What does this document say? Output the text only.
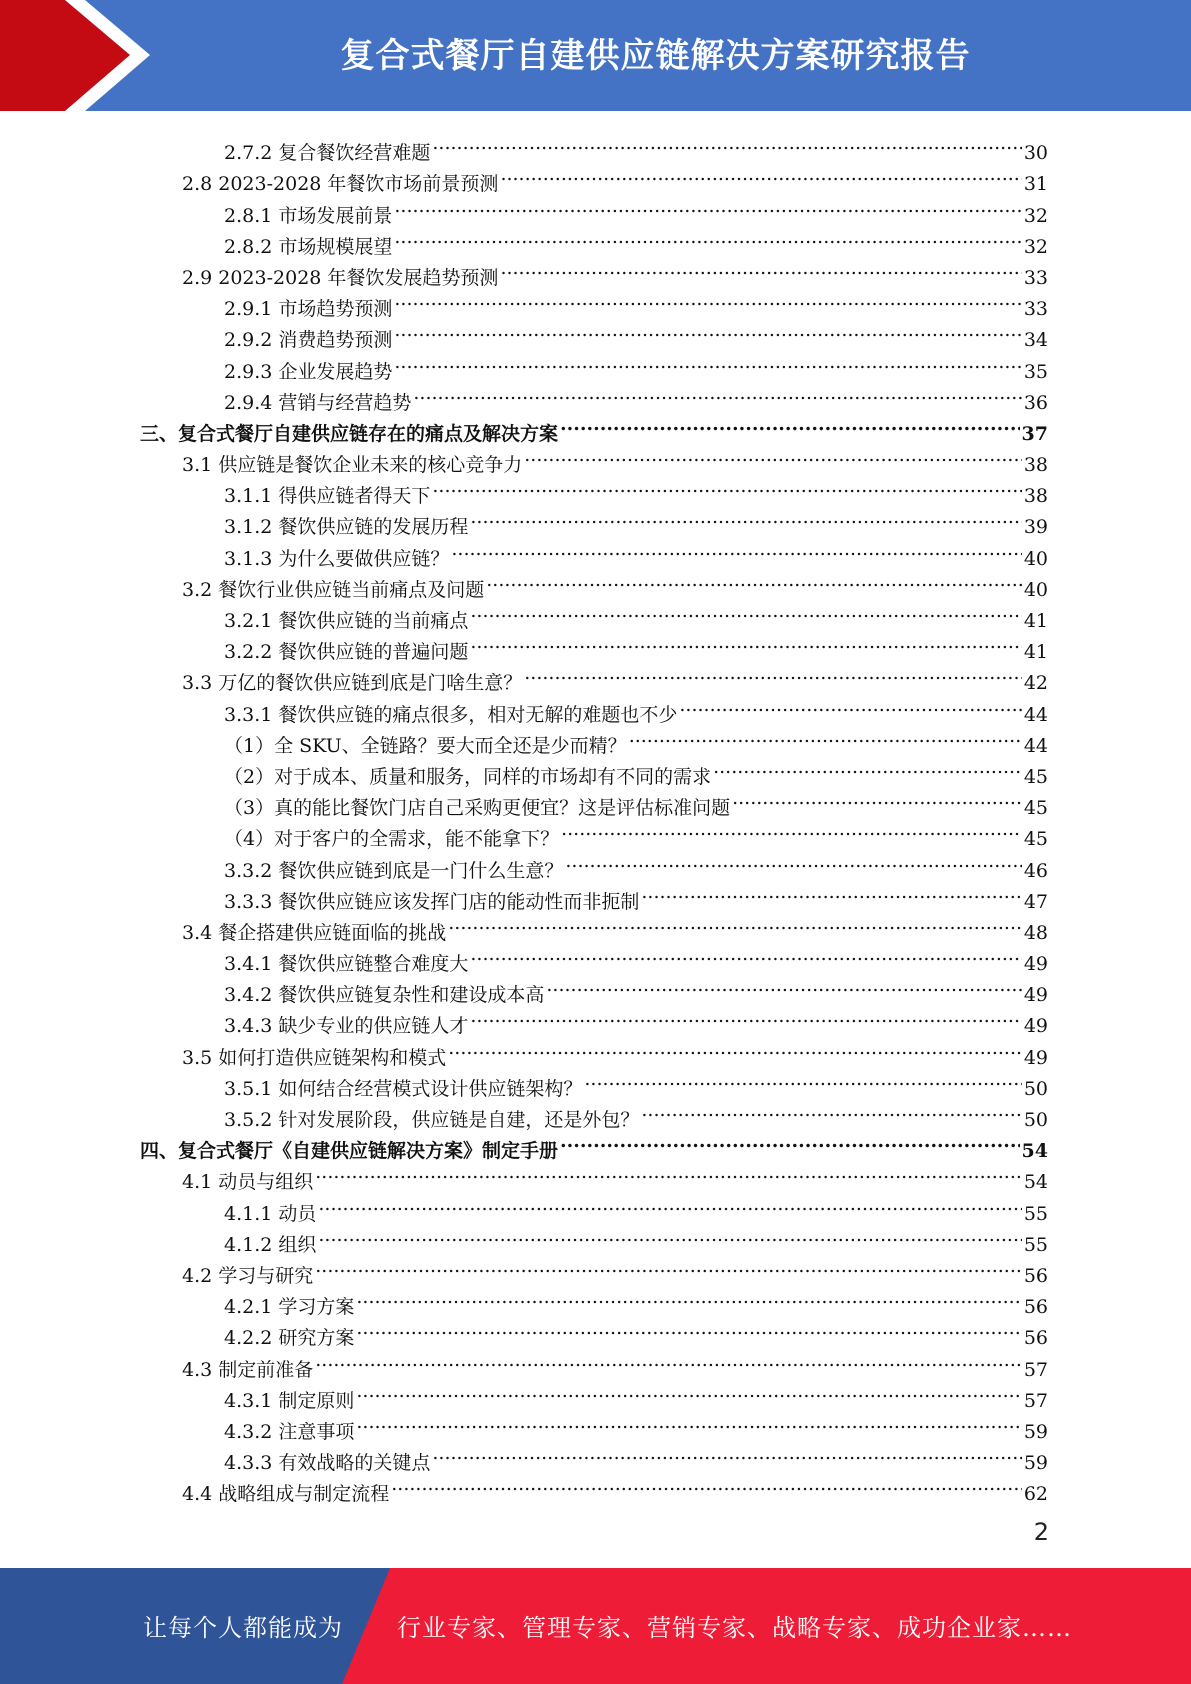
复合式餐厅自建供应链解决方案研究报告
2.7.2 复合餐饮经营难题 .....	30
2.8 2023-2028 年餐饮市场前景预测 .....	31
2.8.1 市场发展前景 .....	32
2.8.2 市场规模展望 .....	32
2.9 2023-2028 年餐饮发展趋势预测 .....	33
2.9.1 市场趋势预测 .....	33
2.9.2 消费趋势预测 .....	34
2.9.3 企业发展趋势 .....	35
2.9.4 营销与经营趋势 .....	36
三、复合式餐厅自建供应链存在的痛点及解决方案 .....	37
3.1 供应链是餐饮企业未来的核心竞争力 .....	38
3.1.1 得供应链者得天下 .....	38
3.1.2 餐饮供应链的发展历程 .....	39
3.1.3 为什么要做供应链？ .....	40
3.2 餐饮行业供应链当前痛点及问题 .....	40
3.2.1 餐饮供应链的当前痛点 .....	41
3.2.2 餐饮供应链的普遍问题 .....	41
3.3 万亿的餐饮供应链到底是门啥生意？ .....	42
3.3.1 餐饮供应链的痛点很多，相对无解的难题也不少 .....	44
（1）全 SKU、全链路？要大而全还是少而精？ .....	44
（2）对于成本、质量和服务，同样的市场却有不同的需求 .....	45
（3）真的能比餐饮门店自己采购更便宜？这是评估标准问题 .....	45
（4）对于客户的全需求，能不能拿下？ .....	45
3.3.2 餐饮供应链到底是一门什么生意？ .....	46
3.3.3 餐饮供应链应该发挥门店的能动性而非扼制 .....	47
3.4 餐企搭建供应链面临的挑战 .....	48
3.4.1 餐饮供应链整合难度大 .....	49
3.4.2 餐饮供应链复杂性和建设成本高 .....	49
3.4.3 缺少专业的供应链人才 .....	49
3.5 如何打造供应链架构和模式 .....	49
3.5.1 如何结合经营模式设计供应链架构？ .....	50
3.5.2 针对发展阶段，供应链是自建，还是外包？ .....	50
四、复合式餐厅《自建供应链解决方案》制定手册 .....	54
4.1 动员与组织 .....	54
4.1.1 动员 .....	55
4.1.2 组织 .....	55
4.2 学习与研究 .....	56
4.2.1 学习方案 .....	56
4.2.2 研究方案 .....	56
4.3 制定前准备 .....	57
4.3.1 制定原则 .....	57
4.3.2 注意事项 .....	59
4.3.3 有效战略的关键点 .....	59
4.4 战略组成与制定流程 .....	62
2
让每个人都能成为 行业专家、管理专家、营销专家、战略专家、成功企业家……
